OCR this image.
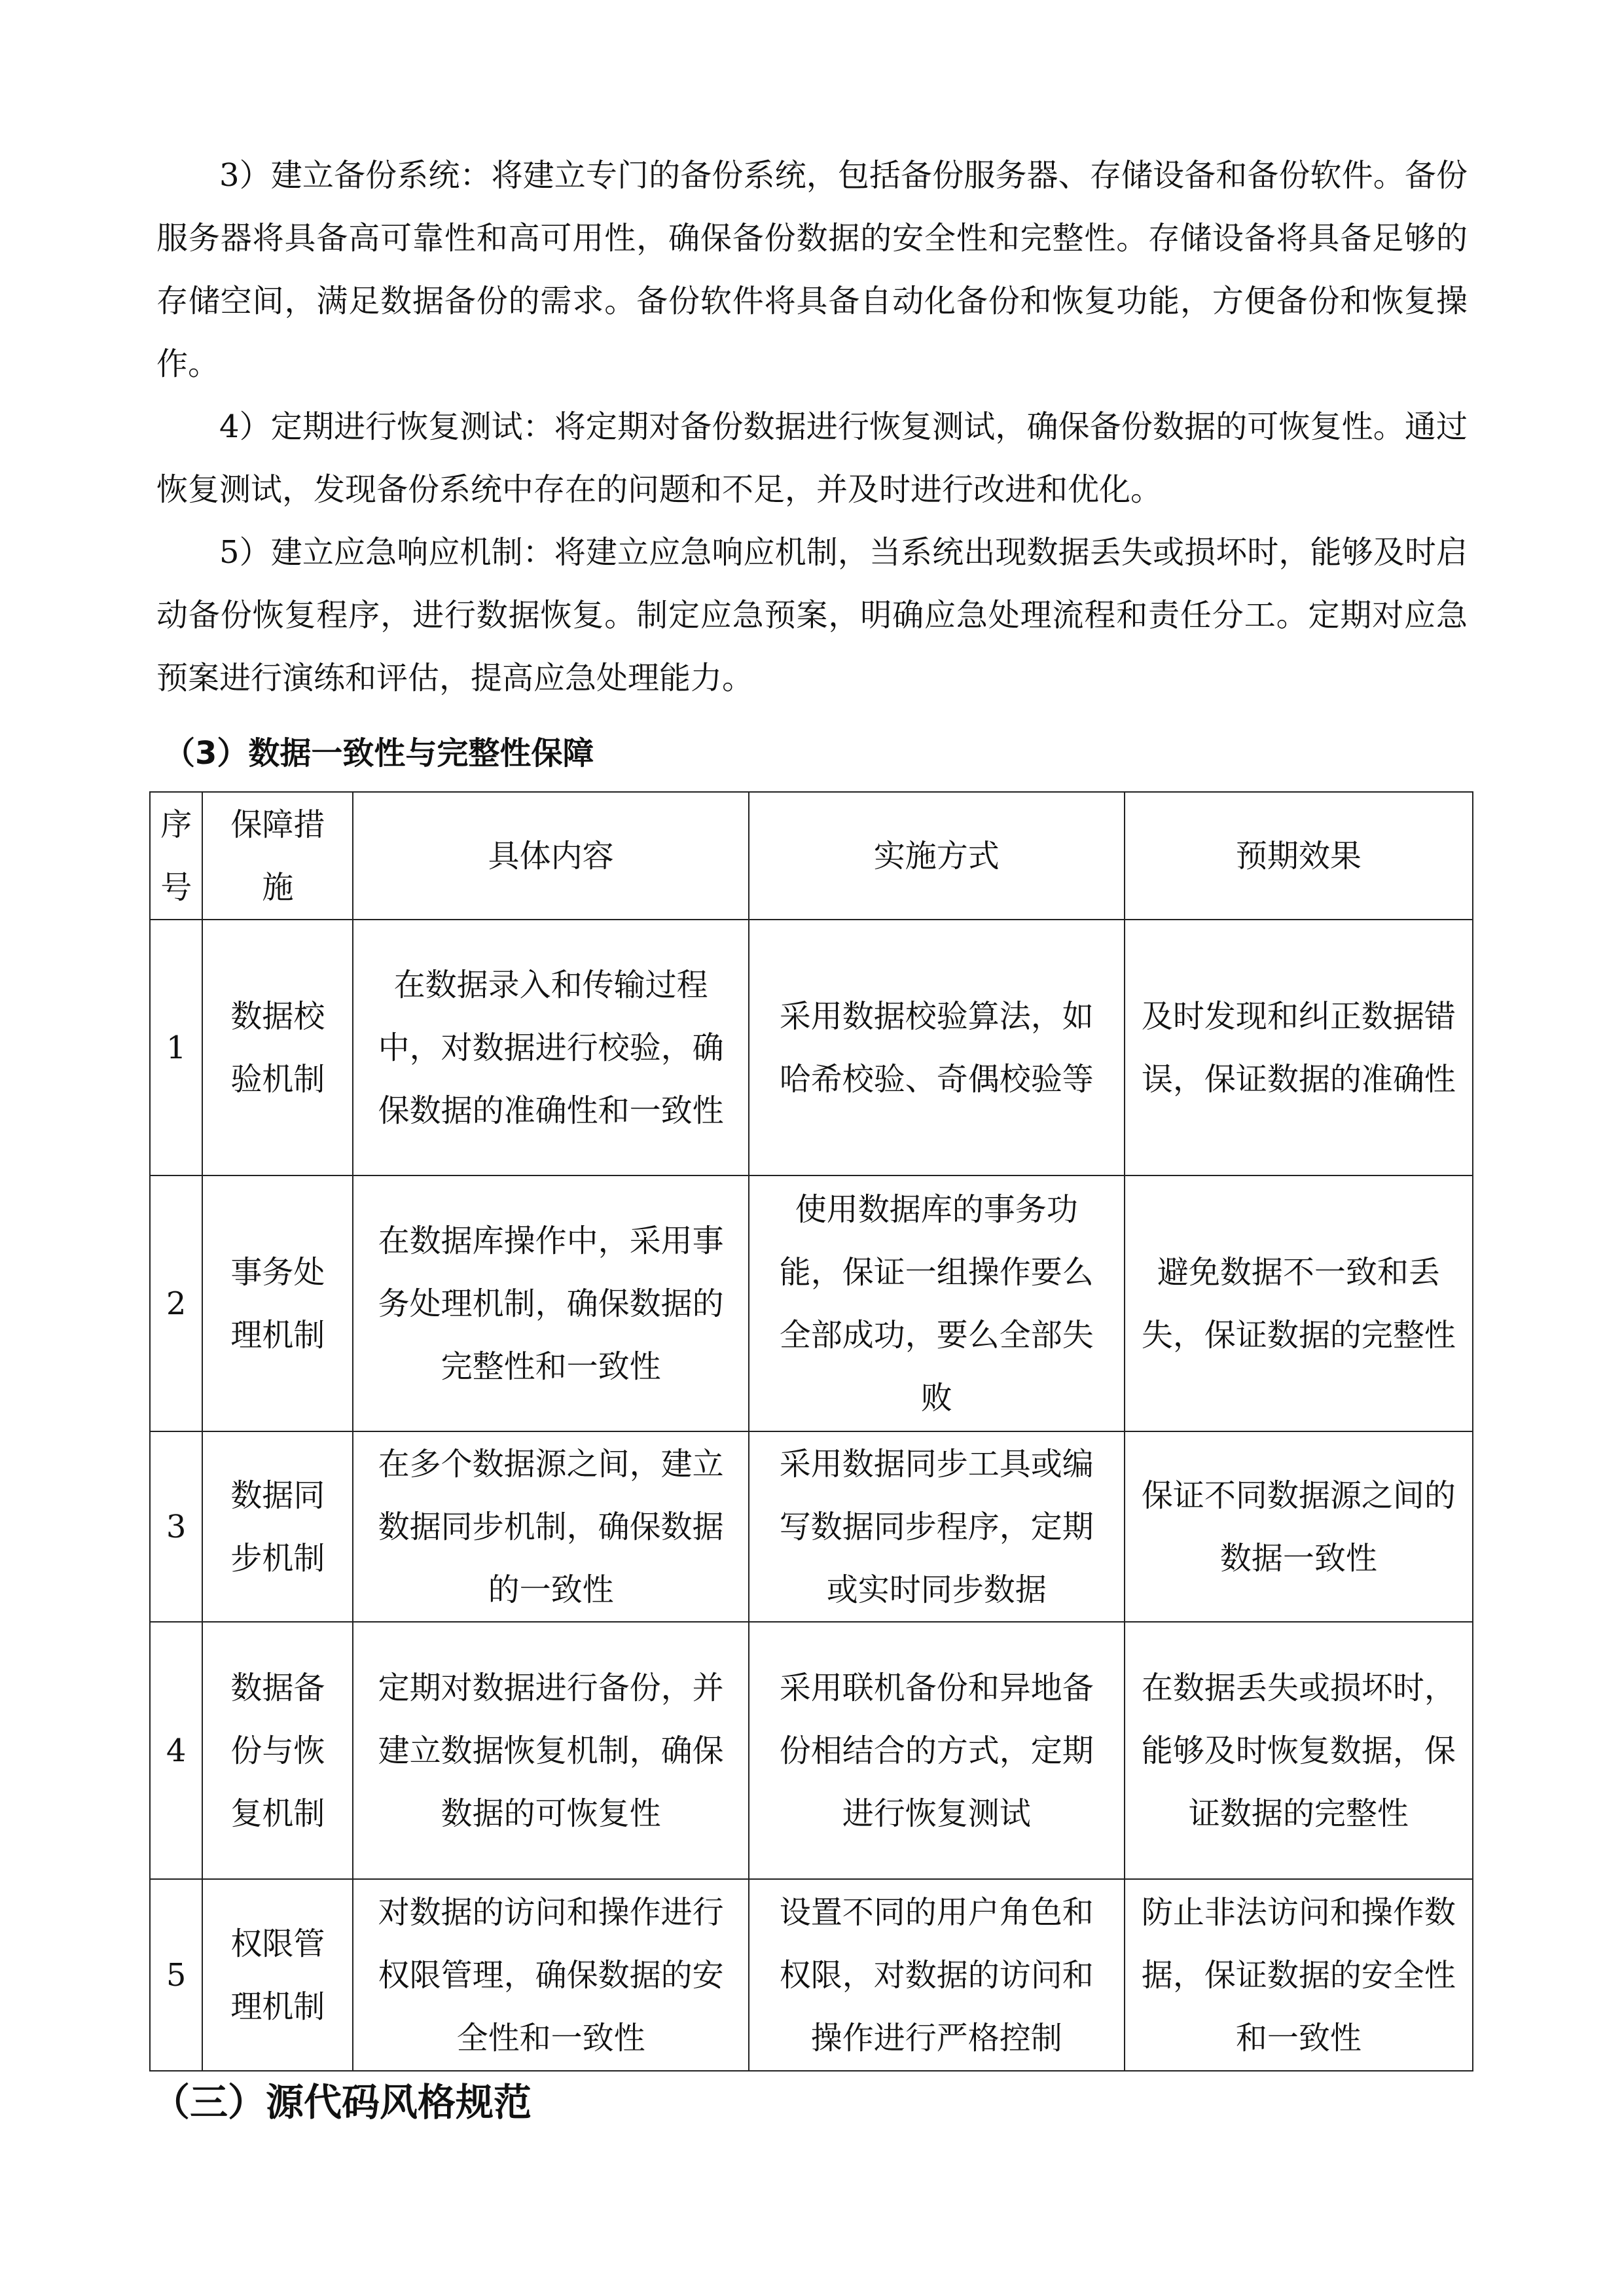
3）建立备份系统：将建立专门的备份系统，包括备份服务器、存储设备和备份软件。备份服务器将具备高可靠性和高可用性，确保备份数据的安全性和完整性。存储设备将具备足够的存储空间，满足数据备份的需求。备份软件将具备自动化备份和恢复功能，方便备份和恢复操作。

4）定期进行恢复测试：将定期对备份数据进行恢复测试，确保备份数据的可恢复性。通过恢复测试，发现备份系统中存在的问题和不足，并及时进行改进和优化。

5）建立应急响应机制：将建立应急响应机制，当系统出现数据丢失或损坏时，能够及时启动备份恢复程序，进行数据恢复。制定应急预案，明确应急处理流程和责任分工。定期对应急预案进行演练和评估，提高应急处理能力。

（3）数据一致性与完整性保障
序号	保障措施	具体内容	实施方式	预期效果
1	数据校验机制	在数据录入和传输过程中，对数据进行校验，确保数据的准确性和一致性	采用数据校验算法，如哈希校验、奇偶校验等	及时发现和纠正数据错误，保证数据的准确性
2	事务处理机制	在数据库操作中，采用事务处理机制，确保数据的完整性和一致性	使用数据库的事务功能，保证一组操作要么全部成功，要么全部失败	避免数据不一致和丢失，保证数据的完整性
3	数据同步机制	在多个数据源之间，建立数据同步机制，确保数据的一致性	采用数据同步工具或编写数据同步程序，定期或实时同步数据	保证不同数据源之间的数据一致性
4	数据备份与恢复机制	定期对数据进行备份，并建立数据恢复机制，确保数据的可恢复性	采用联机备份和异地备份相结合的方式，定期进行恢复测试	在数据丢失或损坏时，能够及时恢复数据，保证数据的完整性
5	权限管理机制	对数据的访问和操作进行权限管理，确保数据的安全性和一致性	设置不同的用户角色和权限，对数据的访问和操作进行严格控制	防止非法访问和操作数据，保证数据的安全性和一致性
（三）源代码风格规范
